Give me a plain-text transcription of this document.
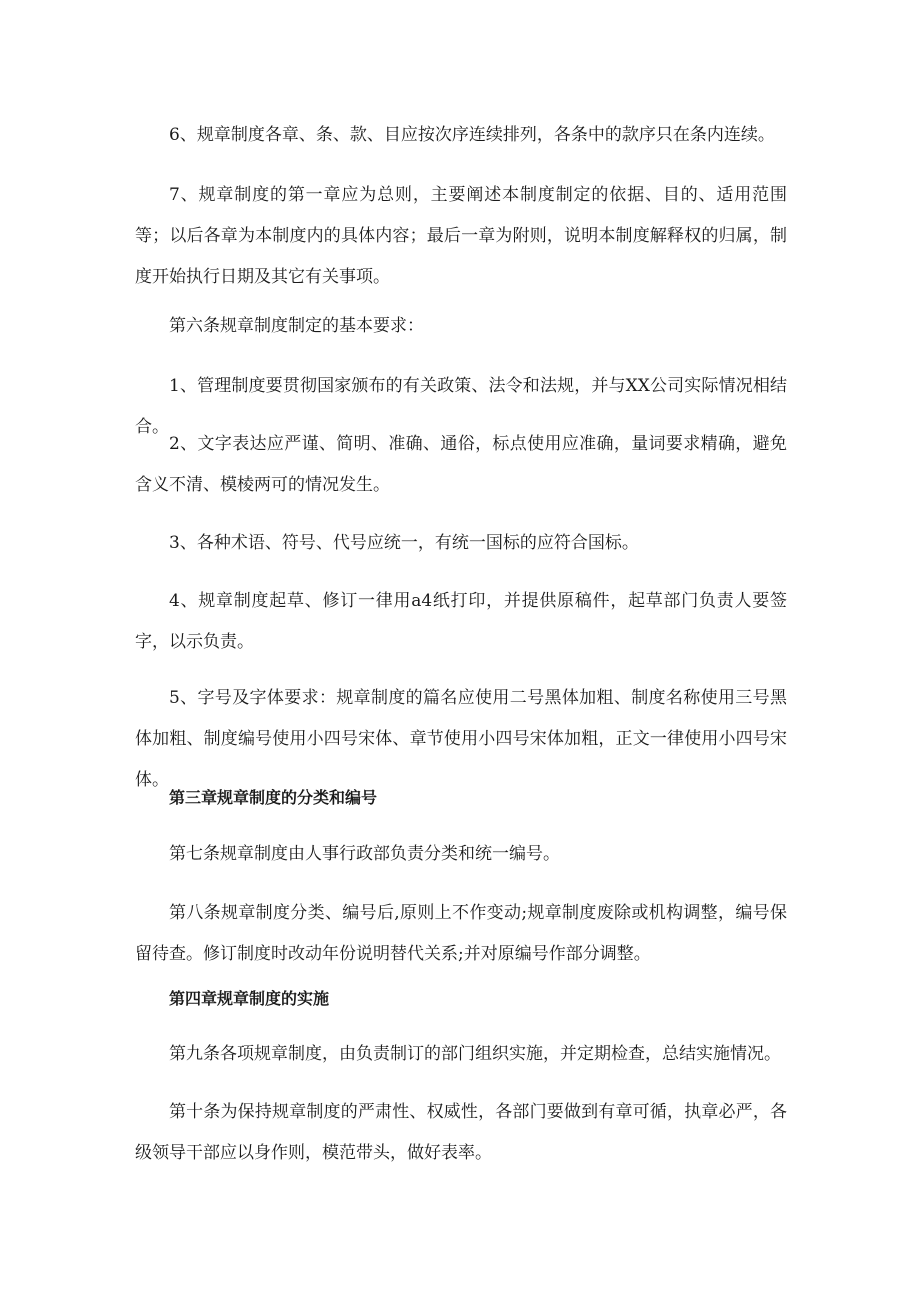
6、规章制度各章、条、款、目应按次序连续排列，各条中的款序只在条内连续。

7、规章制度的第一章应为总则，主要阐述本制度制定的依据、目的、适用范围等；以后各章为本制度内的具体内容；最后一章为附则，说明本制度解释权的归属，制度开始执行日期及其它有关事项。

第六条规章制度制定的基本要求：

1、管理制度要贯彻国家颁布的有关政策、法令和法规，并与XX公司实际情况相结合。

2、文字表达应严谨、简明、准确、通俗，标点使用应准确，量词要求精确，避免含义不清、模棱两可的情况发生。

3、各种术语、符号、代号应统一，有统一国标的应符合国标。

4、规章制度起草、修订一律用a4纸打印，并提供原稿件，起草部门负责人要签字，以示负责。

5、字号及字体要求：规章制度的篇名应使用二号黑体加粗、制度名称使用三号黑体加粗、制度编号使用小四号宋体、章节使用小四号宋体加粗，正文一律使用小四号宋体。

第三章规章制度的分类和编号

第七条规章制度由人事行政部负责分类和统一编号。

第八条规章制度分类、编号后,原则上不作变动;规章制度废除或机构调整，编号保留待查。修订制度时改动年份说明替代关系;并对原编号作部分调整。

第四章规章制度的实施

第九条各项规章制度，由负责制订的部门组织实施，并定期检查，总结实施情况。

第十条为保持规章制度的严肃性、权威性，各部门要做到有章可循，执章必严，各级领导干部应以身作则，模范带头，做好表率。
